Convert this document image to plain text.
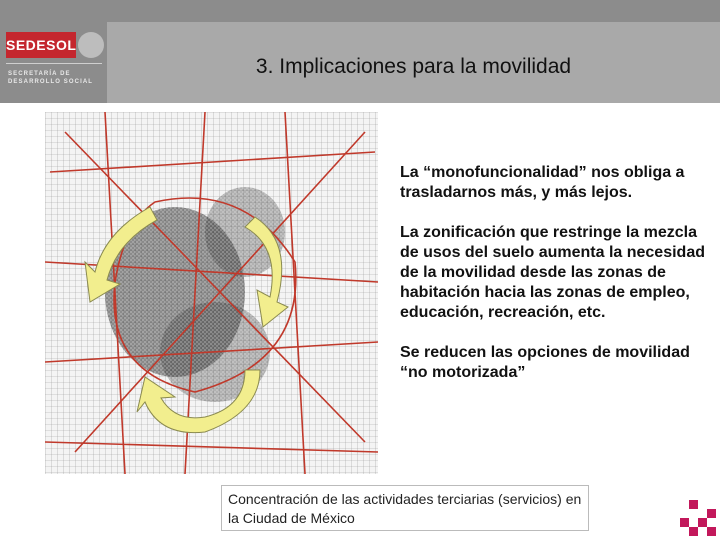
SEDESOL
SECRETARÍA DE
DESARROLLO SOCIAL
3. Implicaciones para la movilidad

La “monofuncionalidad” nos obliga a trasladarnos más, y más lejos.

La zonificación que restringe la mezcla de usos del suelo aumenta la necesidad de la movilidad desde las zonas de habitación hacia las zonas de empleo, educación, recreación, etc.

Se reducen las opciones de movilidad “no motorizada”

Concentración de las actividades terciarias (servicios) en la Ciudad de México
